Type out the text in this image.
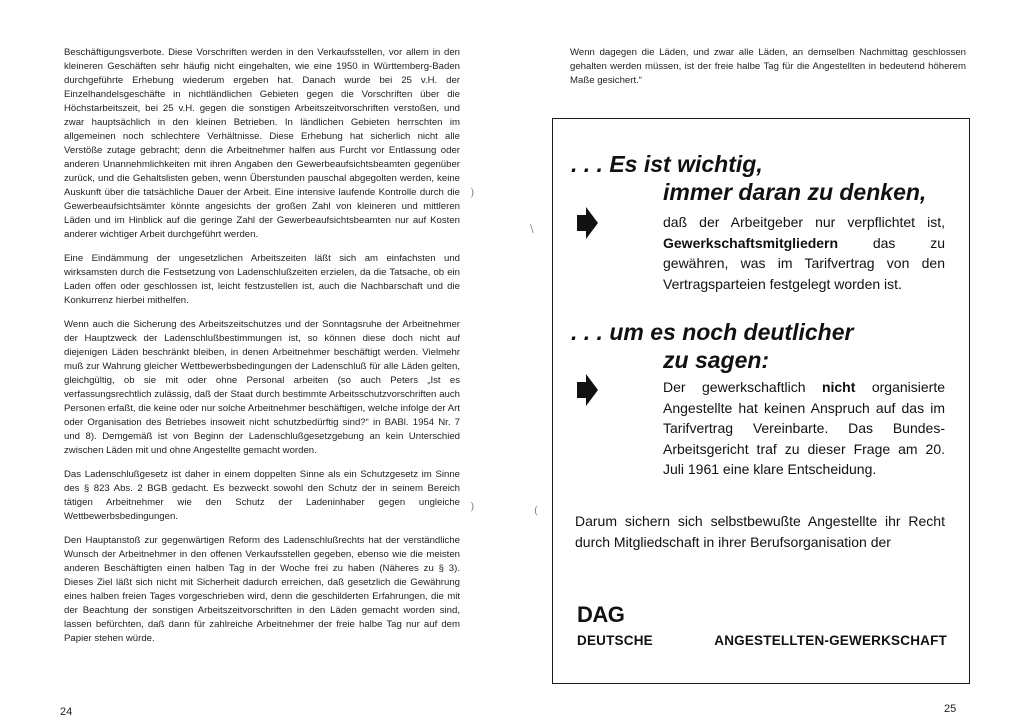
Beschäftigungsverbote. Diese Vorschriften werden in den Verkaufsstellen, vor allem in den kleineren Geschäften sehr häufig nicht eingehalten, wie eine 1950 in Württemberg-Baden durchgeführte Erhebung wiederum ergeben hat. Danach wurde bei 25 v.H. der Einzelhandelsgeschäfte in nichtländlichen Gebieten gegen die Vorschriften über die Höchstarbeitszeit, bei 25 v.H. gegen die sonstigen Arbeitszeitvorschriften verstoßen, und zwar hauptsächlich in den kleinen Betrieben. In ländlichen Gebieten herrschten im allgemeinen noch schlechtere Verhältnisse. Diese Erhebung hat sicherlich nicht alle Verstöße zutage gebracht; denn die Arbeitnehmer halfen aus Furcht vor Entlassung oder anderen Unannehmlichkeiten mit ihren Angaben den Gewerbeaufsichtsbeamten gegenüber zurück, und die Gehaltslisten geben, wenn Überstunden pauschal abgegolten werden, keine Auskunft über die tatsächliche Dauer der Arbeit. Eine intensive laufende Kontrolle durch die Gewerbeaufsichtsämter könnte angesichts der großen Zahl von kleineren und mittleren Läden und im Hinblick auf die geringe Zahl der Gewerbeaufsichtsbeamten nur auf Kosten anderer wichtiger Arbeit durchgeführt werden.

Eine Eindämmung der ungesetzlichen Arbeitszeiten läßt sich am einfachsten und wirksamsten durch die Festsetzung von Ladenschlußzeiten erzielen, da die Tatsache, ob ein Laden offen oder geschlossen ist, leicht festzustellen ist, auch die Nachbarschaft und die Konkurrenz hierbei mithelfen.

Wenn auch die Sicherung des Arbeitszeitschutzes und der Sonntagsruhe der Arbeitnehmer der Hauptzweck der Ladenschlußbestimmungen ist, so können diese doch nicht auf diejenigen Läden beschränkt bleiben, in denen Arbeitnehmer beschäftigt werden. Vielmehr muß zur Wahrung gleicher Wettbewerbsbedingungen der Ladenschluß für alle Läden gelten, gleichgültig, ob sie mit oder ohne Personal arbeiten (so auch Peters „Ist es verfassungsrechtlich zulässig, daß der Staat durch bestimmte Arbeitsschutzvorschriften auch Personen erfaßt, die keine oder nur solche Arbeitnehmer beschäftigen, welche infolge der Art oder Organisation des Betriebes insoweit nicht schutzbedürftig sind?“ in BABl. 1954 Nr. 7 und 8). Demgemäß ist von Beginn der Ladenschlußgesetzgebung an kein Unterschied zwischen Läden mit und ohne Angestellte gemacht worden.

Das Ladenschlußgesetz ist daher in einem doppelten Sinne als ein Schutzgesetz im Sinne des § 823 Abs. 2 BGB gedacht. Es bezweckt sowohl den Schutz der in seinem Bereich tätigen Arbeitnehmer wie den Schutz der Ladeninhaber gegen ungleiche Wettbewerbsbedingungen.

Den Hauptanstoß zur gegenwärtigen Reform des Ladenschlußrechts hat der verständliche Wunsch der Arbeitnehmer in den offenen Verkaufsstellen gegeben, ebenso wie die meisten anderen Beschäftigten einen halben Tag in der Woche frei zu haben (Näheres zu § 3). Dieses Ziel läßt sich nicht mit Sicherheit dadurch erreichen, daß gesetzlich die Gewährung eines halben freien Tages vorgeschrieben wird, denn die geschilderten Erfahrungen, die mit der Beachtung der sonstigen Arbeitszeitvorschriften in den Läden gemacht worden sind, lassen befürchten, daß dann für zahlreiche Arbeitnehmer der freie halbe Tag nur auf dem Papier stehen würde.

)
\
)	(
24

Wenn dagegen die Läden, und zwar alle Läden, an demselben Nachmittag geschlossen gehalten werden müssen, ist der freie halbe Tag für die Angestellten in bedeutend höherem Maße gesichert.“

. . . Es ist wichtig,
immer daran zu denken,

daß der Arbeitgeber nur verpflichtet ist, Gewerkschaftsmitgliedern das zu gewähren, was im Tarifvertrag von den Vertragsparteien festgelegt worden ist.

. . . um es noch deutlicher
zu sagen:

Der gewerkschaftlich nicht organisierte Angestellte hat keinen Anspruch auf das im Tarifvertrag Vereinbarte. Das Bundes-Arbeitsgericht traf zu dieser Frage am 20. Juli 1961 eine klare Entscheidung.

Darum sichern sich selbstbewußte Angestellte ihr Recht durch Mitgliedschaft in ihrer Berufsorganisation der

DAG
DEUTSCHE	ANGESTELLTEN-GEWERKSCHAFT
25
